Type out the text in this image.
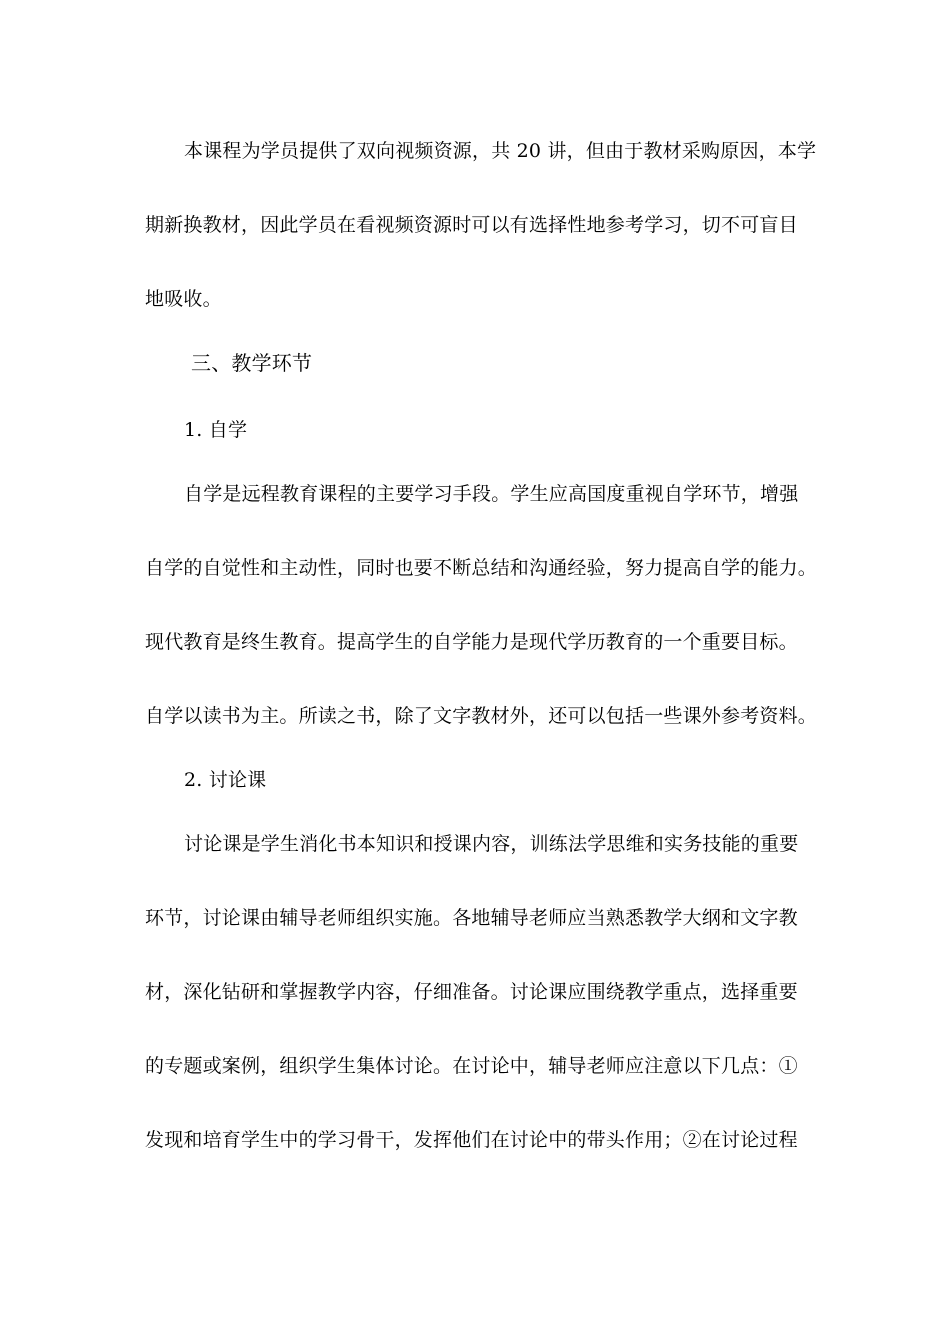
本课程为学员提供了双向视频资源，共 20 讲，但由于教材采购原因，本学
期新换教材，因此学员在看视频资源时可以有选择性地参考学习，切不可盲目
地吸收。
三、教学环节
1. 自学
自学是远程教育课程的主要学习手段。学生应高国度重视自学环节，增强
自学的自觉性和主动性，同时也要不断总结和沟通经验，努力提高自学的能力。
现代教育是终生教育。提高学生的自学能力是现代学历教育的一个重要目标。
自学以读书为主。所读之书，除了文字教材外，还可以包括一些课外参考资料。
2. 讨论课
讨论课是学生消化书本知识和授课内容，训练法学思维和实务技能的重要
环节，讨论课由辅导老师组织实施。各地辅导老师应当熟悉教学大纲和文字教
材，深化钻研和掌握教学内容，仔细准备。讨论课应围绕教学重点，选择重要
的专题或案例，组织学生集体讨论。在讨论中，辅导老师应注意以下几点：①
发现和培育学生中的学习骨干，发挥他们在讨论中的带头作用；②在讨论过程
